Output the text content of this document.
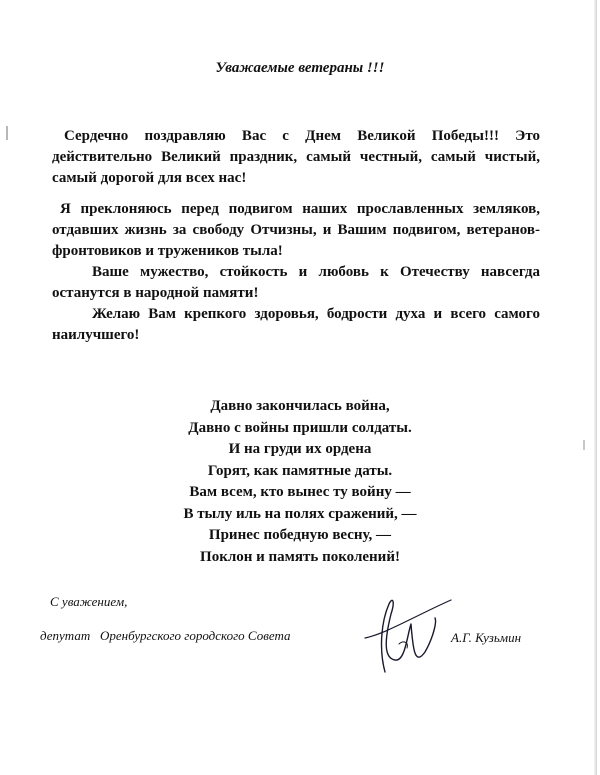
Уважаемые ветераны !!!

Сердечно поздравляю Вас с Днем Великой Победы!!! Это действительно Великий праздник, самый честный, самый чистый, самый дорогой для всех нас!

Я преклоняюсь перед подвигом наших прославленных земляков, отдавших жизнь за свободу Отчизны, и Вашим подвигом, ветеранов-фронтовиков и тружеников тыла!

Ваше мужество, стойкость и любовь к Отечеству навсегда останутся в народной памяти!

Желаю Вам крепкого здоровья, бодрости духа и всего самого наилучшего!

Давно закончилась война,
Давно с войны пришли солдаты.
И на груди их ордена
Горят, как памятные даты.
Вам всем, кто вынес ту войну —
В тылу иль на полях сражений, —
Принес победную весну, —
Поклон и память поколений!
С уважением,
депутат   Оренбургского городского Совета	А.Г. Кузьмин
